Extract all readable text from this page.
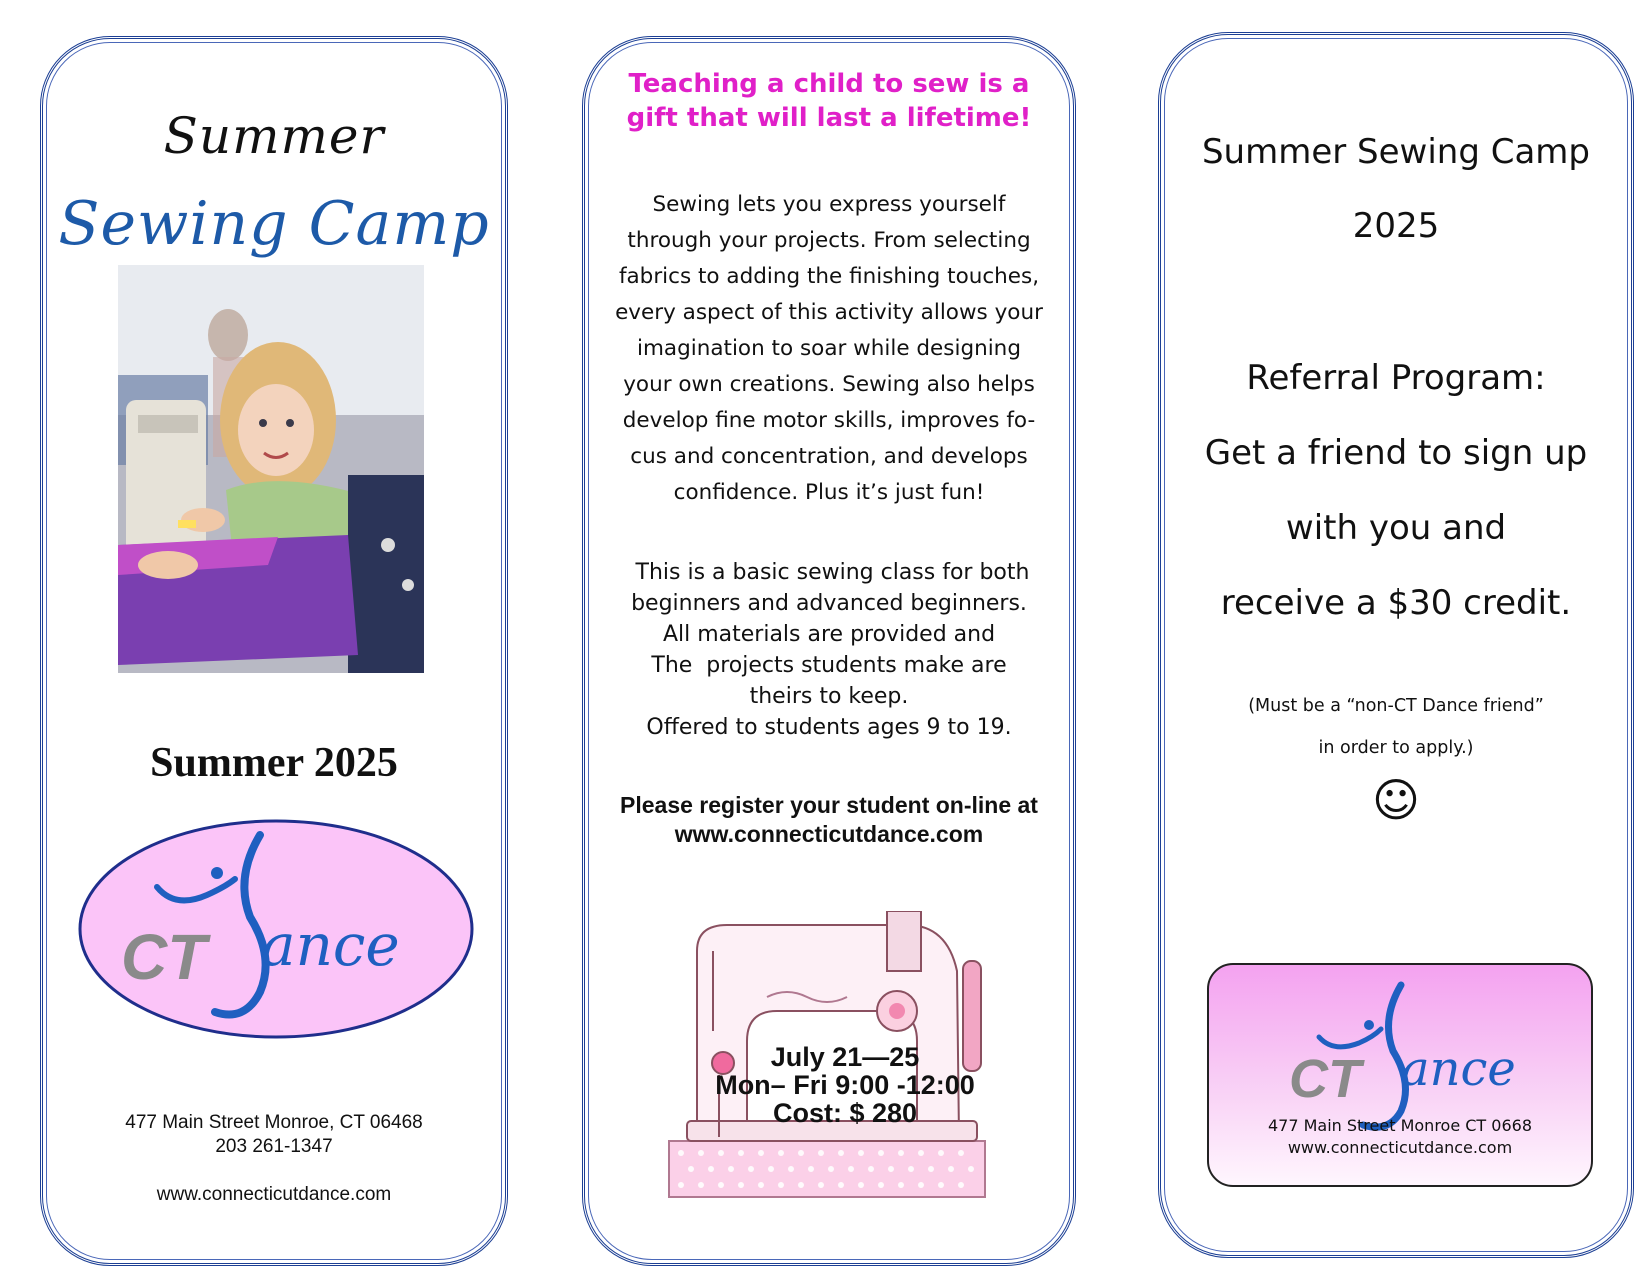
Summer
Sewing Camp
Summer 2025
CT ance
477 Main Street Monroe, CT 06468
203 261-1347
www.connecticutdance.com
Teaching a child to sew is a
gift that will last a lifetime!
Sewing lets you express yourself
through your projects. From selecting
fabrics to adding the finishing touches,
every aspect of this activity allows your
imagination to soar while designing
your own creations. Sewing also helps
develop fine motor skills, improves fo-
cus and concentration, and develops
confidence. Plus it’s just fun!
This is a basic sewing class for both
beginners and advanced beginners.
All materials are provided and
The  projects students make are
theirs to keep.
Offered to students ages 9 to 19.
Please register your student on-line at
www.connecticutdance.com
July 21—25
Mon– Fri 9:00 -12:00
Cost: $ 280
Summer Sewing Camp
2025
Referral Program:
Get a friend to sign up
with you and
receive a $30 credit.
(Must be a “non-CT Dance friend”
in order to apply.)
☺
CT ance
477 Main Street Monroe CT 0668
www.connecticutdance.com
